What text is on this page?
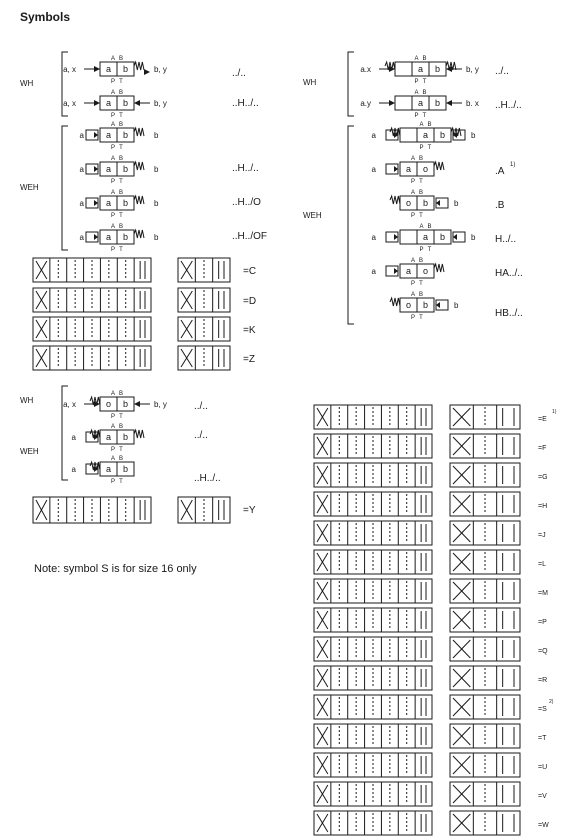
Symbols
Note: symbol S is for size 16 only
WH
a b
A B
P T
a, x	b, y
a b
A B
P T
a, x	b, y
WEH
a b
A B
P T
a	b
a b
A B
P T
a	b
a b
A B
P T
a	b
a b
A B
P T
a	b
../..
..H../..
..H../..
..H../O
..H../OF
=C
=D
=K
=Z
WH
a b
A B
P T
a.x	b, y
a b
A B
P T
a.y	b. x
../..
..H../..
WEH
a b
A B
P T
a	b
a o
A B
P T
a
o b
A B
P T
b
a b
A B
P T
a	b
a o
A B
P T
a
o b
A B
P T
b
.A
.B
H../..
HA../..
HB../..
1)
WH	o b
A B
P T
a, x	b, y
WEH
a b
A B
P T
a
a b
A B
P T
a
../..
../..
..H../..
=Y
=E
=F
=G
=H
=J
=L
=M
=P
=Q
=R
=S
=T
=U
=V
=W
1)
2)
